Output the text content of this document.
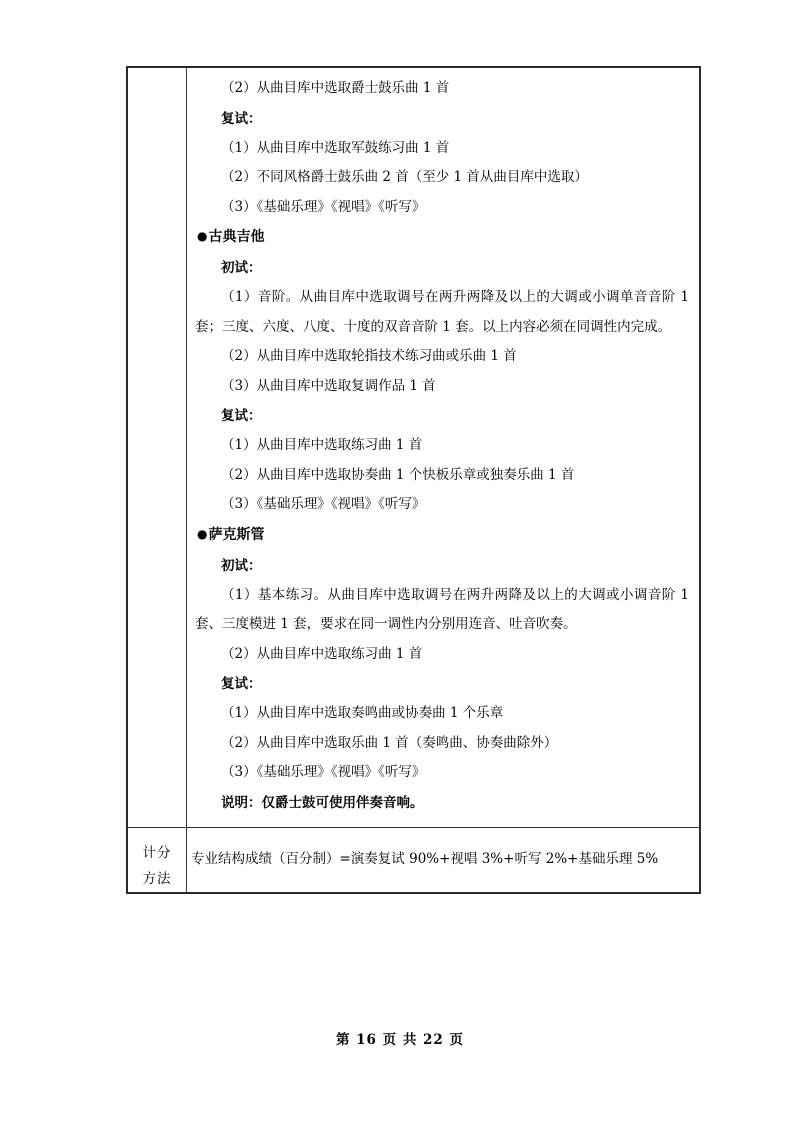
（2）从曲目库中选取爵士鼓乐曲 1 首

复试：

（1）从曲目库中选取军鼓练习曲 1 首

（2）不同风格爵士鼓乐曲 2 首（至少 1 首从曲目库中选取）

（3）《基础乐理》《视唱》《听写》

●古典吉他

初试：

（1）音阶。从曲目库中选取调号在两升两降及以上的大调或小调单音音阶 1 套；三度、六度、八度、十度的双音音阶 1 套。以上内容必须在同调性内完成。

（2）从曲目库中选取轮指技术练习曲或乐曲 1 首

（3）从曲目库中选取复调作品 1 首

复试：

（1）从曲目库中选取练习曲 1 首

（2）从曲目库中选取协奏曲 1 个快板乐章或独奏乐曲 1 首

（3）《基础乐理》《视唱》《听写》

●萨克斯管

初试：

（1）基本练习。从曲目库中选取调号在两升两降及以上的大调或小调音阶 1 套、三度模进 1 套，要求在同一调性内分别用连音、吐音吹奏。

（2）从曲目库中选取练习曲 1 首

复试：

（1）从曲目库中选取奏鸣曲或协奏曲 1 个乐章

（2）从曲目库中选取乐曲 1 首（奏鸣曲、协奏曲除外）

（3）《基础乐理》《视唱》《听写》

说明：仅爵士鼓可使用伴奏音响。

计分
方法	专业结构成绩（百分制）=演奏复试 90%+视唱 3%+听写 2%+基础乐理 5%

第 16 页 共 22 页
